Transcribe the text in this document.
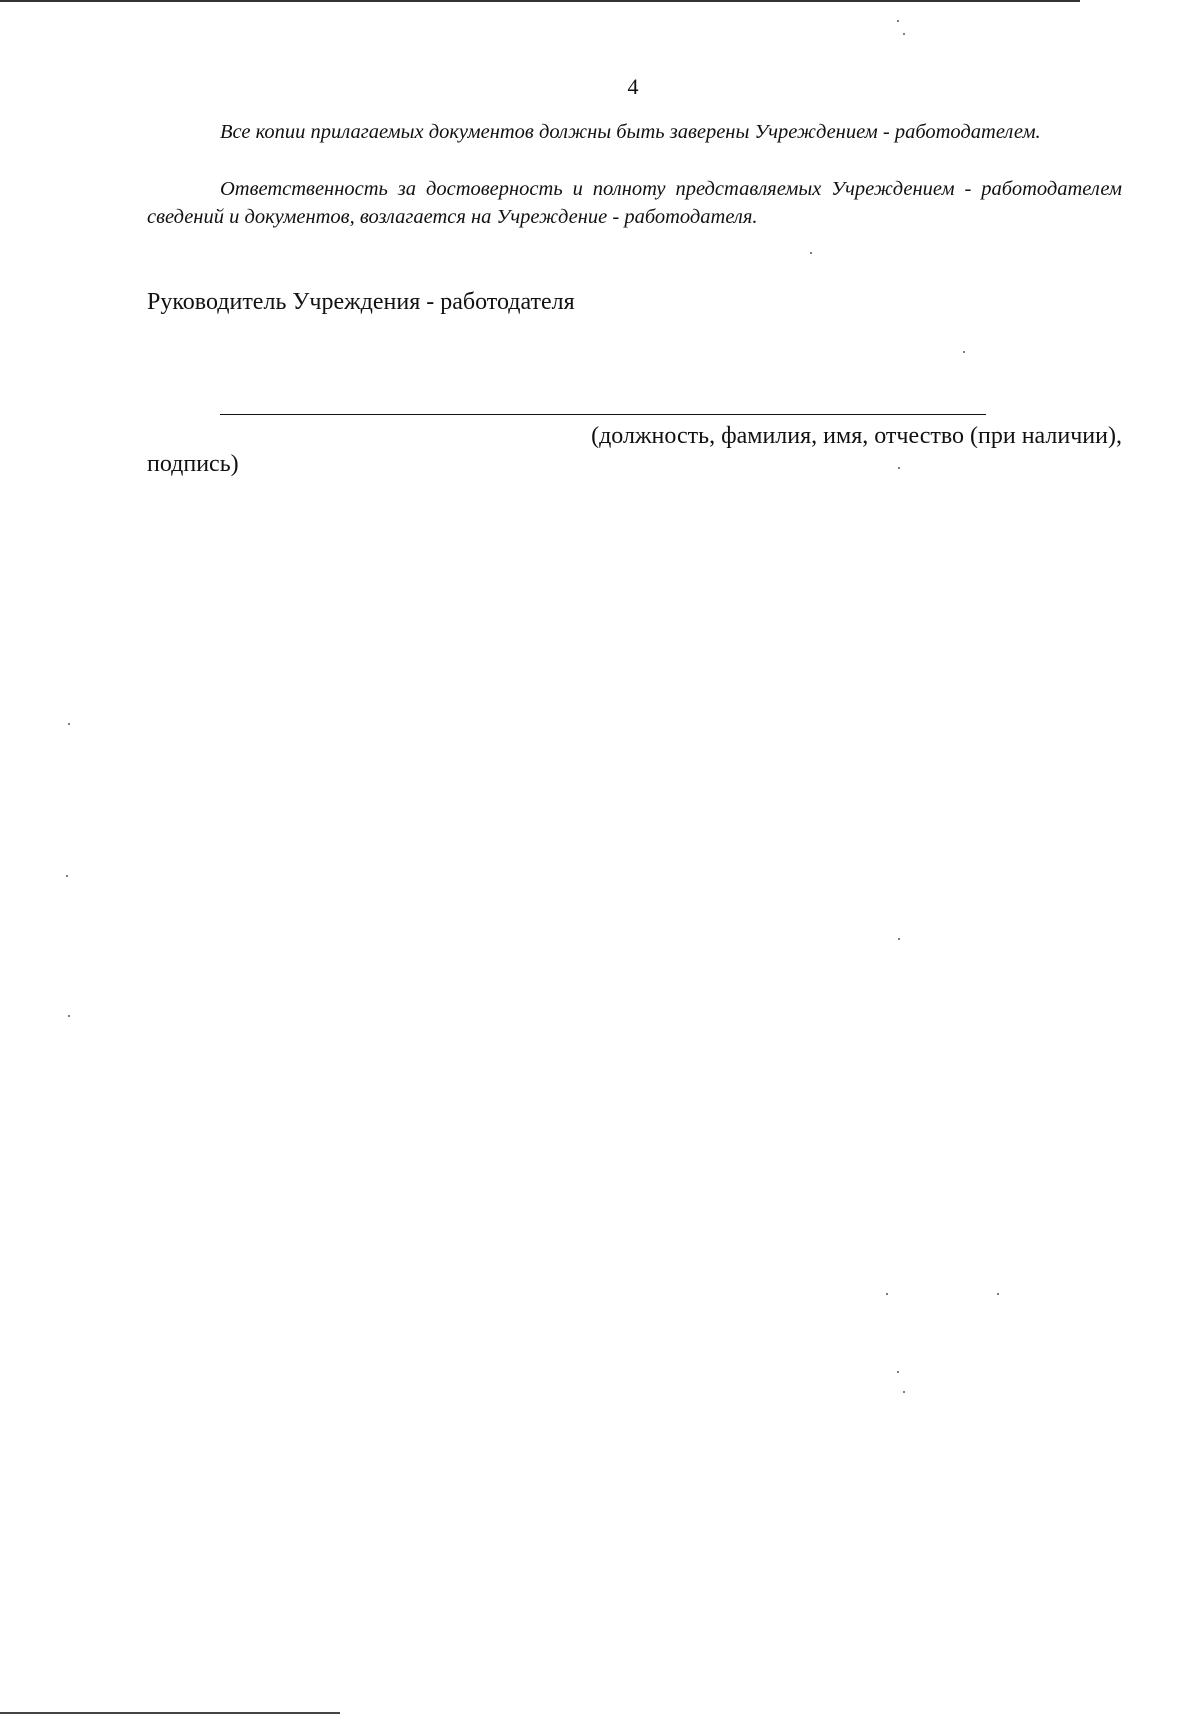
4

Все копии прилагаемых документов должны быть заверены Учреждением - работодателем.

Ответственность за достоверность и полноту представляемых Учреждением - работодателем сведений и документов, возлагается на Учреждение - работодателя.

Руководитель Учреждения - работодателя
(должность, фамилия, имя, отчество (при наличии),
подпись)
